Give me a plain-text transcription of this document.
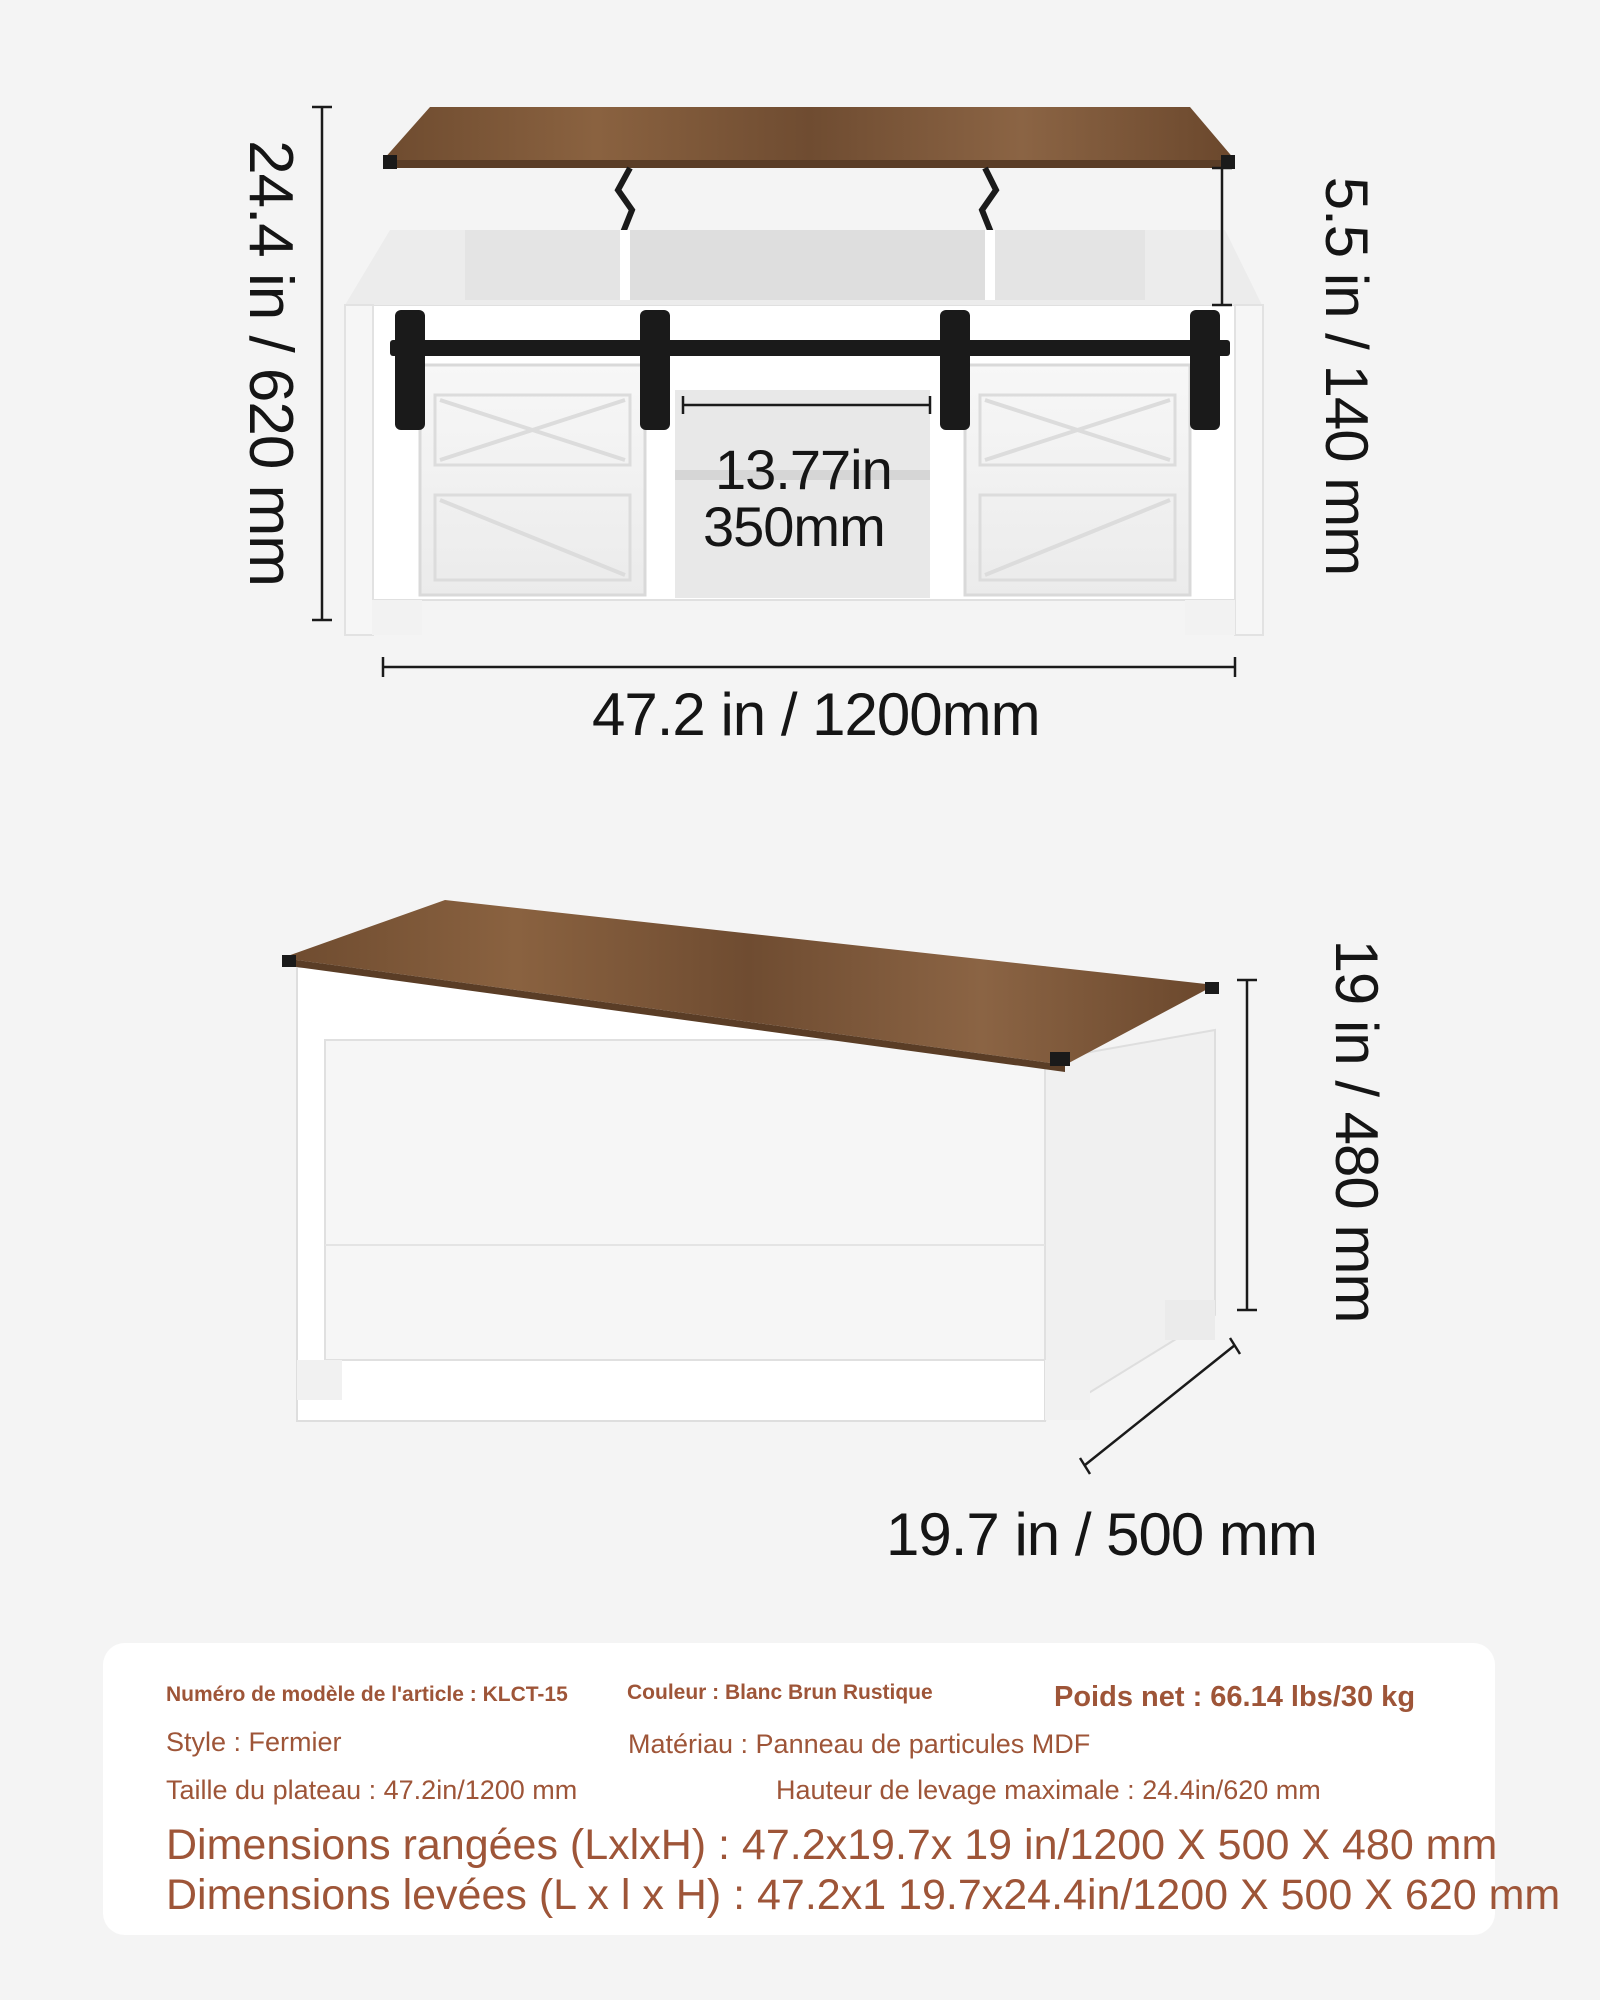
24.4 in / 620 mm	5.5 in / 140 mm
13.77in
350mm
47.2 in / 1200mm
19 in / 480 mm
19.7 in / 500 mm
Numéro de modèle de l'article : KLCT-15	Couleur : Blanc Brun Rustique	Poids net : 66.14 lbs/30 kg
Style : Fermier	Matériau : Panneau de particules MDF
Taille du plateau : 47.2in/1200 mm	Hauteur de levage maximale : 24.4in/620 mm
Dimensions rangées (LxlxH) : 47.2x19.7x 19 in/1200 X 500 X 480 mm
Dimensions levées (L x l x H) : 47.2x1 19.7x24.4in/1200 X 500 X 620 mm
